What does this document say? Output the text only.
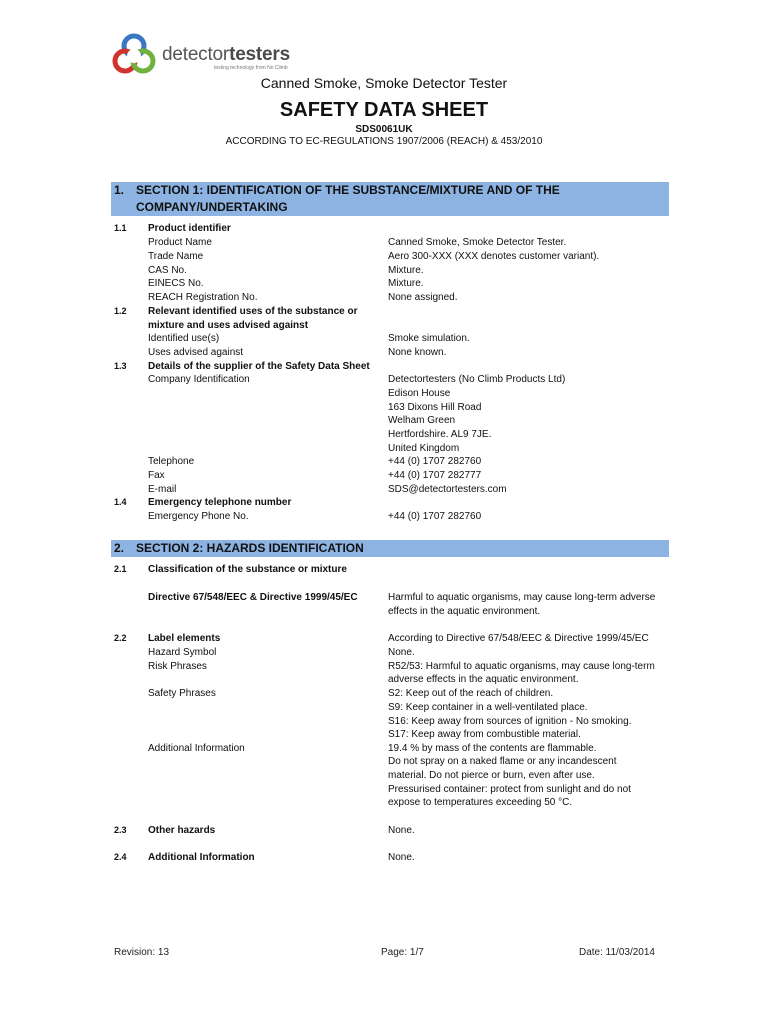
detectortesters
testing technology from No Climb
Canned Smoke, Smoke Detector Tester
SAFETY DATA SHEET
SDS0061UK
ACCORDING TO EC-REGULATIONS 1907/2006 (REACH) & 453/2010
1. SECTION 1: IDENTIFICATION OF THE SUBSTANCE/MIXTURE AND OF THE
COMPANY/UNDERTAKING
1.1 Product identifier
Product Name	Canned Smoke, Smoke Detector Tester.
Trade Name	Aero 300-XXX (XXX denotes customer variant).
CAS No.	Mixture.
EINECS No.	Mixture.
REACH Registration No.	None assigned.
1.2 Relevant identified uses of the substance or
mixture and uses advised against
Identified use(s)	Smoke simulation.
Uses advised against	None known.
1.3 Details of the supplier of the Safety Data Sheet
Company Identification	Detectortesters (No Climb Products Ltd)
Edison House
163 Dixons Hill Road
Welham Green
Hertfordshire. AL9 7JE.
United Kingdom
Telephone	+44 (0) 1707 282760
Fax	+44 (0) 1707 282777
E-mail	SDS@detectortesters.com
1.4 Emergency telephone number
Emergency Phone No.	+44 (0) 1707 282760
2. SECTION 2: HAZARDS IDENTIFICATION
2.1 Classification of the substance or mixture
Directive 67/548/EEC & Directive 1999/45/EC	Harmful to aquatic organisms, may cause long-term adverse
effects in the aquatic environment.
2.2 Label elements	According to Directive 67/548/EEC & Directive 1999/45/EC
Hazard Symbol	None.
Risk Phrases	R52/53: Harmful to aquatic organisms, may cause long-term
adverse effects in the aquatic environment.
Safety Phrases	S2: Keep out of the reach of children.
S9: Keep container in a well-ventilated place.
S16: Keep away from sources of ignition - No smoking.
S17: Keep away from combustible material.
Additional Information	19.4 % by mass of the contents are flammable.
Do not spray on a naked flame or any incandescent
material. Do not pierce or burn, even after use.
Pressurised container: protect from sunlight and do not
expose to temperatures exceeding 50 °C.
2.3 Other hazards	None.
2.4 Additional Information	None.
Revision: 13	Page: 1/7	Date: 11/03/2014
